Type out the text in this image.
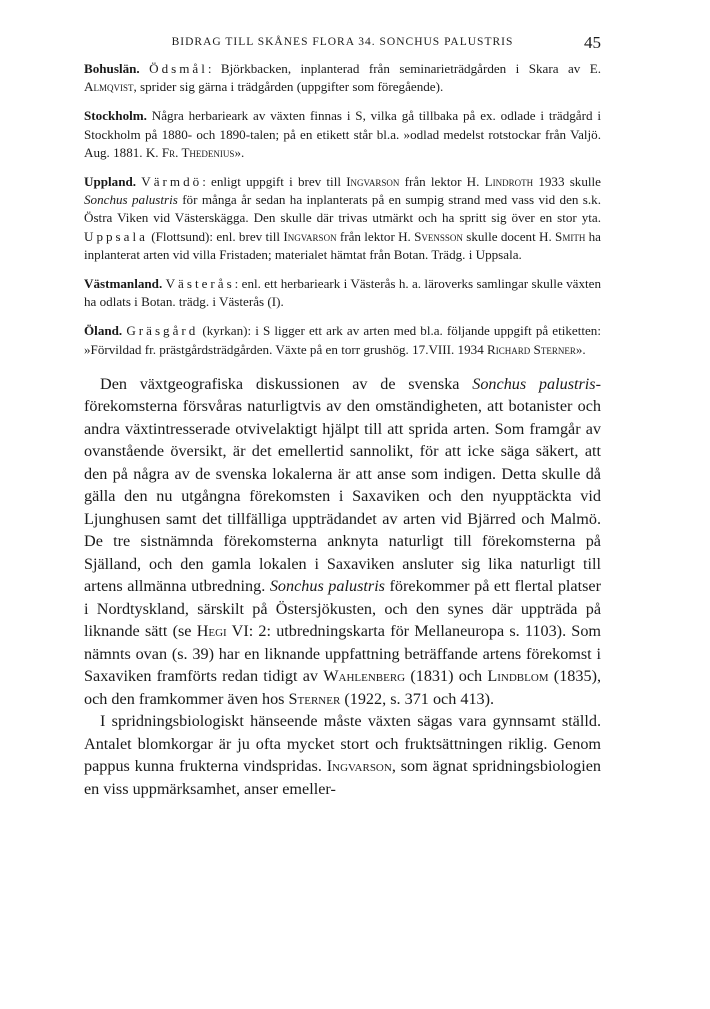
BIDRAG TILL SKÅNES FLORA 34. SONCHUS PALUSTRIS	45

Bohuslän. Ödsmål: Björkbacken, inplanterad från seminarieträdgården i Skara av E. Almqvist, sprider sig gärna i trädgården (uppgifter som föregående).

Stockholm. Några herbarieark av växten finnas i S, vilka gå tillbaka på ex. odlade i trädgård i Stockholm på 1880- och 1890-talen; på en etikett står bl.a. »odlad medelst rotstockar från Valjö. Aug. 1881. K. Fr. Thedenius».

Uppland. Värmdö: enligt uppgift i brev till Ingvarson från lektor H. Lindroth 1933 skulle Sonchus palustris för många år sedan ha inplanterats på en sumpig strand med vass vid den s.k. Östra Viken vid Västerskägga. Den skulle där trivas utmärkt och ha spritt sig över en stor yta. Uppsala (Flottsund): enl. brev till Ingvarson från lektor H. Svensson skulle docent H. Smith ha inplanterat arten vid villa Fristaden; materialet hämtat från Botan. Trädg. i Uppsala.

Västmanland. Västerås: enl. ett herbarieark i Västerås h. a. läroverks samlingar skulle växten ha odlats i Botan. trädg. i Västerås (I).

Öland. Gräsgård (kyrkan): i S ligger ett ark av arten med bl.a. följande uppgift på etiketten: »Förvildad fr. prästgårdsträdgården. Växte på en torr grushög. 17.VIII. 1934 Richard Sterner».

Den växtgeografiska diskussionen av de svenska Sonchus palustris-förekomsterna försvåras naturligtvis av den omständigheten, att botanister och andra växtintresserade otvivelaktigt hjälpt till att sprida arten. Som framgår av ovanstående översikt, är det emellertid sannolikt, för att icke säga säkert, att den på några av de svenska lokalerna är att anse som indigen. Detta skulle då gälla den nu utgångna förekomsten i Saxaviken och den nyupptäckta vid Ljunghusen samt det tillfälliga uppträdandet av arten vid Bjärred och Malmö. De tre sistnämnda förekomsterna anknyta naturligt till förekomsterna på Själland, och den gamla lokalen i Saxaviken ansluter sig lika naturligt till artens allmänna utbredning. Sonchus palustris förekommer på ett flertal platser i Nordtyskland, särskilt på Östersjökusten, och den synes där uppträda på liknande sätt (se Hegi VI: 2: utbredningskarta för Mellaneuropa s. 1103). Som nämnts ovan (s. 39) har en liknande uppfattning beträffande artens förekomst i Saxaviken framförts redan tidigt av Wahlenberg (1831) och Lindblom (1835), och den framkommer även hos Sterner (1922, s. 371 och 413).

I spridningsbiologiskt hänseende måste växten sägas vara gynnsamt ställd. Antalet blomkorgar är ju ofta mycket stort och fruktsättningen riklig. Genom pappus kunna frukterna vindspridas. Ingvarson, som ägnat spridningsbiologien en viss uppmärksamhet, anser emeller-
